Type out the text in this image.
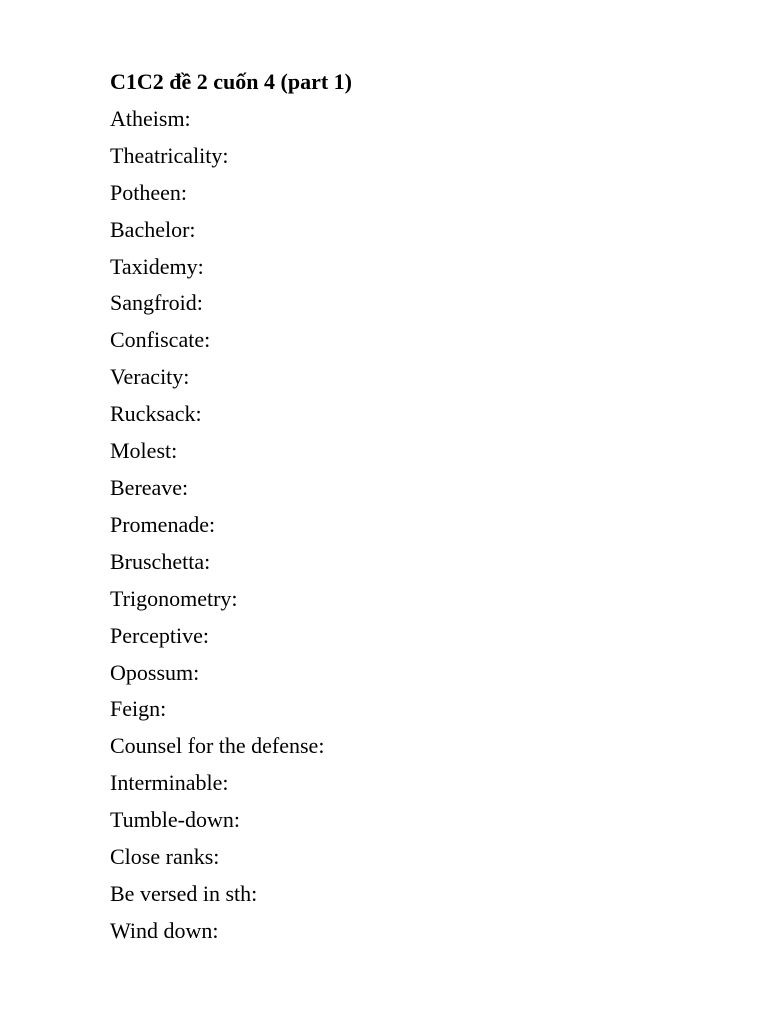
C1C2 đề 2 cuốn 4 (part 1)
Atheism:
Theatricality:
Potheen:
Bachelor:
Taxidemy:
Sangfroid:
Confiscate:
Veracity:
Rucksack:
Molest:
Bereave:
Promenade:
Bruschetta:
Trigonometry:
Perceptive:
Opossum:
Feign:
Counsel for the defense:
Interminable:
Tumble-down:
Close ranks:
Be versed in sth:
Wind down:
